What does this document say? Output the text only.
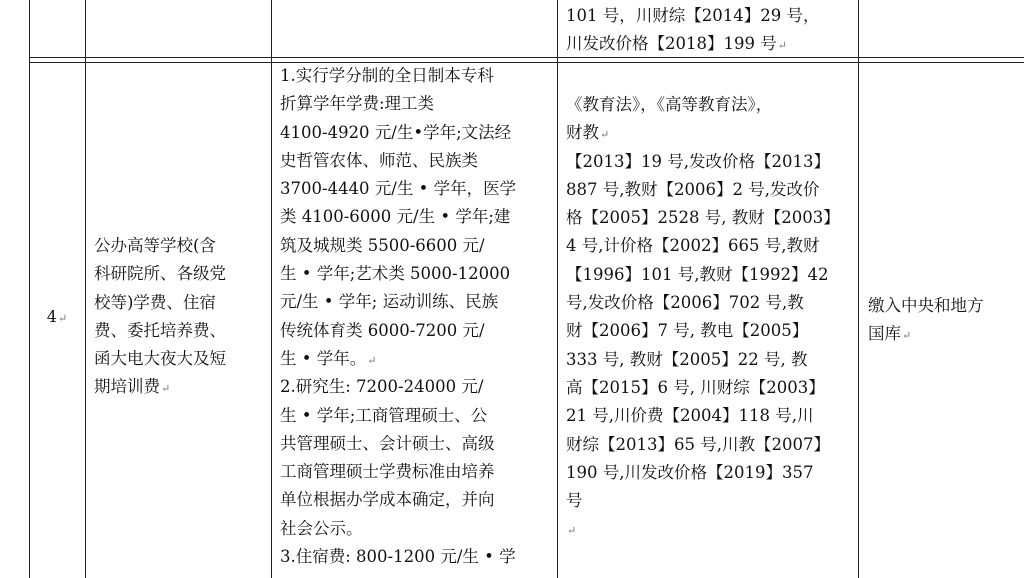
101 号，川财综【2014】29 号，
川发改价格【2018】199 号↵
4↵
公办高等学校(含
科研院所、各级党
校等)学费、住宿
费、委托培养费、
函大电大夜大及短
期培训费↵
1.实行学分制的全日制本专科
折算学年学费:理工类
4100-4920 元/生•学年;文法经
史哲管农体、师范、民族类
3700-4440 元/生 • 学年，医学
类 4100-6000 元/生 • 学年;建
筑及城规类 5500-6600 元/
生 • 学年;艺术类 5000-12000
元/生 • 学年; 运动训练、民族
传统体育类 6000-7200 元/
生 • 学年。↵
2.研究生: 7200-24000 元/
生 • 学年;工商管理硕士、公
共管理硕士、会计硕士、高级
工商管理硕士学费标准由培养
单位根据办学成本确定，并向
社会公示。
3.住宿费: 800-1200 元/生 • 学
《教育法》，《高等教育法》，
财教↵
【2013】19 号,发改价格【2013】
887 号,教财【2006】2 号,发改价
格【2005】2528 号, 教财【2003】
4 号,计价格【2002】665 号,教财
【1996】101 号,教财【1992】42
号,发改价格【2006】702 号,教
财【2006】7 号, 教电【2005】
333 号, 教财【2005】22 号, 教
高【2015】6 号, 川财综【2003】
21 号,川价费【2004】118 号,川
财综【2013】65 号,川教【2007】
190 号,川发改价格【2019】357
号
↵
缴入中央和地方
国库↵
